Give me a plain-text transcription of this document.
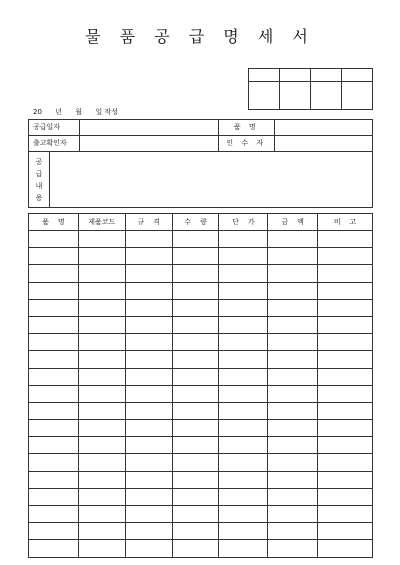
물 품 공 급 명 세 서

20      년      월      일 작성
공급일자			품 명	
출고확인자			인 수 자	

공
급
내
용				

품    명	제품코드	규    격	수    량	단    가	금    액	비    고
